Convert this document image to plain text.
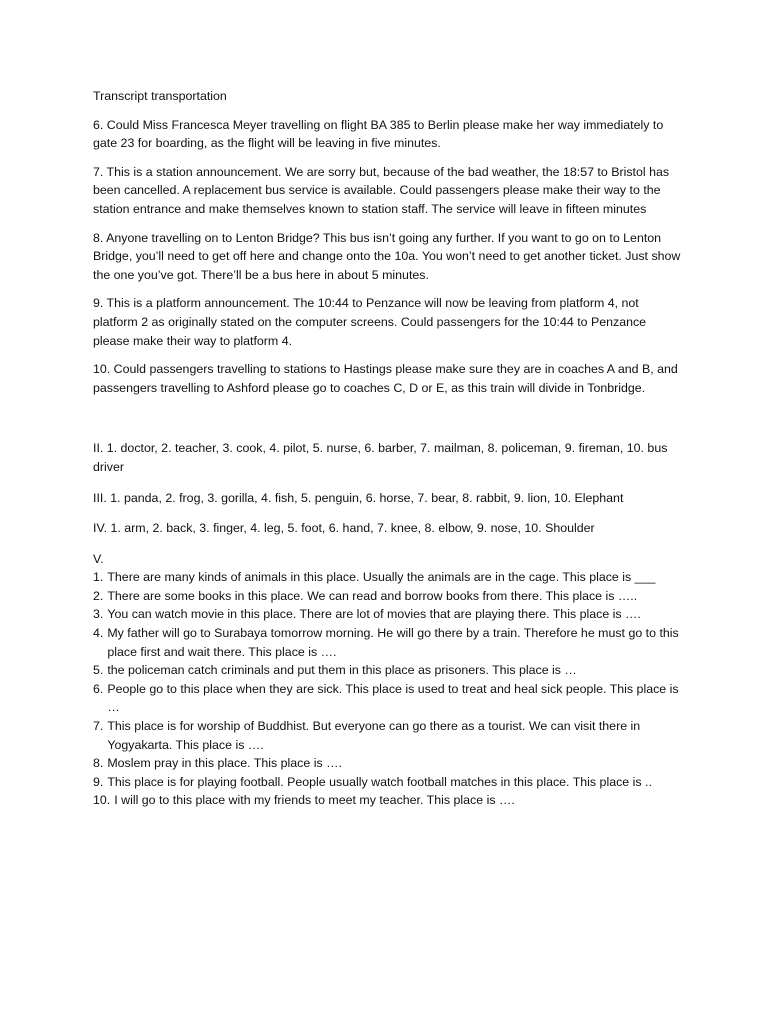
Transcript transportation

6. Could Miss Francesca Meyer travelling on flight BA 385 to Berlin please make her way immediately to gate 23 for boarding, as the flight will be leaving in five minutes.

7. This is a station announcement. We are sorry but, because of the bad weather, the 18:57 to Bristol has been cancelled. A replacement bus service is available. Could passengers please make their way to the station entrance and make themselves known to station staff. The service will leave in fifteen minutes

8. Anyone travelling on to Lenton Bridge? This bus isn’t going any further. If you want to go on to Lenton Bridge, you’ll need to get off here and change onto the 10a. You won’t need to get another ticket. Just show the one you’ve got. There’ll be a bus here in about 5 minutes.

9. This is a platform announcement. The 10:44 to Penzance will now be leaving from platform 4, not platform 2 as originally stated on the computer screens. Could passengers for the 10:44 to Penzance please make their way to platform 4.

10. Could passengers travelling to stations to Hastings please make sure they are in coaches A and B, and passengers travelling to Ashford please go to coaches C, D or E, as this train will divide in Tonbridge.

II. 1. doctor, 2. teacher, 3. cook, 4. pilot, 5. nurse, 6. barber, 7. mailman, 8. policeman, 9. fireman, 10. bus driver

III. 1. panda, 2. frog, 3. gorilla, 4. fish, 5. penguin, 6. horse, 7. bear, 8. rabbit, 9. lion, 10. Elephant

IV. 1. arm, 2. back, 3. finger, 4. leg, 5. foot, 6. hand, 7. knee, 8. elbow, 9. nose, 10. Shoulder

V.

1. There are many kinds of animals in this place. Usually the animals are in the cage. This place is ___
2. There are some books in this place. We can read and borrow books from there. This place is …..
3. You can watch movie in this place. There are lot of movies that are playing there. This place is ….
4. My father will go to Surabaya tomorrow morning. He will go there by a train. Therefore he must go to this place first and wait there. This place is ….
5. the policeman catch criminals and put them in this place as prisoners. This place is …
6. People go to this place when they are sick. This place is used to treat and heal sick people. This place is …
7. This place is for worship of Buddhist. But everyone can go there as a tourist. We can visit there in Yogyakarta. This place is ….
8. Moslem pray in this place. This place is ….
9. This place is for playing football. People usually watch football matches in this place. This place is ..
10. I will go to this place with my friends to meet my teacher. This place is ….
